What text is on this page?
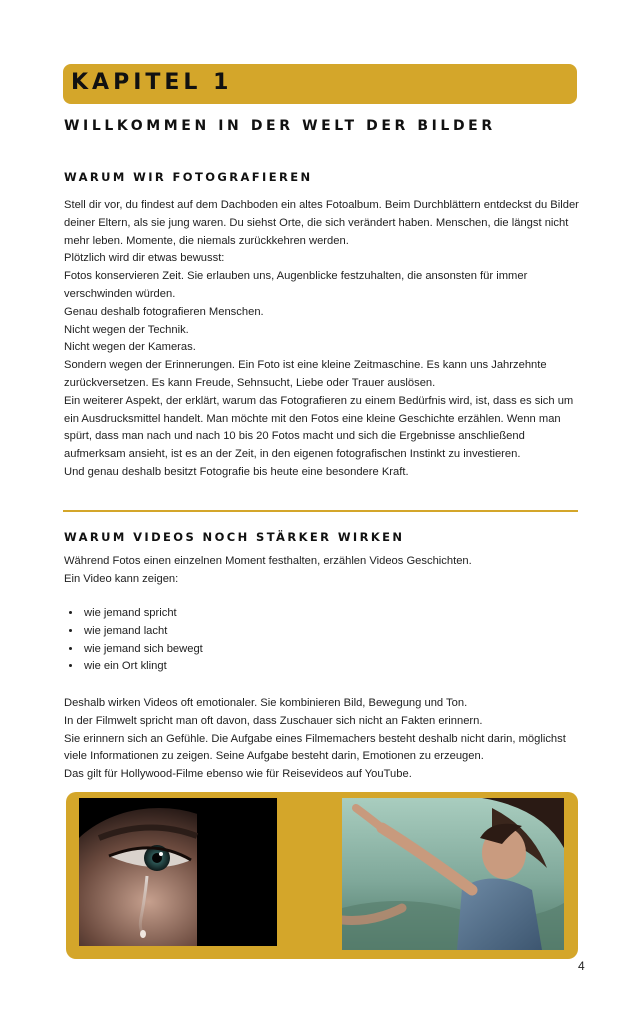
KAPITEL 1
WILLKOMMEN IN DER WELT DER BILDER
WARUM WIR FOTOGRAFIEREN

Stell dir vor, du findest auf dem Dachboden ein altes Fotoalbum. Beim Durchblättern entdeckst du Bilder deiner Eltern, als sie jung waren. Du siehst Orte, die sich verändert haben. Menschen, die längst nicht mehr leben. Momente, die niemals zurückkehren werden.

Plötzlich wird dir etwas bewusst:

Fotos konservieren Zeit. Sie erlauben uns, Augenblicke festzuhalten, die ansonsten für immer verschwinden würden.

Genau deshalb fotografieren Menschen.

Nicht wegen der Technik.

Nicht wegen der Kameras.

Sondern wegen der Erinnerungen. Ein Foto ist eine kleine Zeitmaschine. Es kann uns Jahrzehnte zurückversetzen. Es kann Freude, Sehnsucht, Liebe oder Trauer auslösen.

Ein weiterer Aspekt, der erklärt, warum das Fotografieren zu einem Bedürfnis wird, ist, dass es sich um ein Ausdrucksmittel handelt. Man möchte mit den Fotos eine kleine Geschichte erzählen. Wenn man spürt, dass man nach und nach 10 bis 20 Fotos macht und sich die Ergebnisse anschließend aufmerksam ansieht, ist es an der Zeit, in den eigenen fotografischen Instinkt zu investieren.

Und genau deshalb besitzt Fotografie bis heute eine besondere Kraft.

WARUM VIDEOS NOCH STÄRKER WIRKEN

Während Fotos einen einzelnen Moment festhalten, erzählen Videos Geschichten.

Ein Video kann zeigen:

• wie jemand spricht
• wie jemand lacht
• wie jemand sich bewegt
• wie ein Ort klingt

Deshalb wirken Videos oft emotionaler. Sie kombinieren Bild, Bewegung und Ton.

In der Filmwelt spricht man oft davon, dass Zuschauer sich nicht an Fakten erinnern.

Sie erinnern sich an Gefühle. Die Aufgabe eines Filmemachers besteht deshalb nicht darin, möglichst viele Informationen zu zeigen. Seine Aufgabe besteht darin, Emotionen zu erzeugen.

Das gilt für Hollywood-Filme ebenso wie für Reisevideos auf YouTube.

4
